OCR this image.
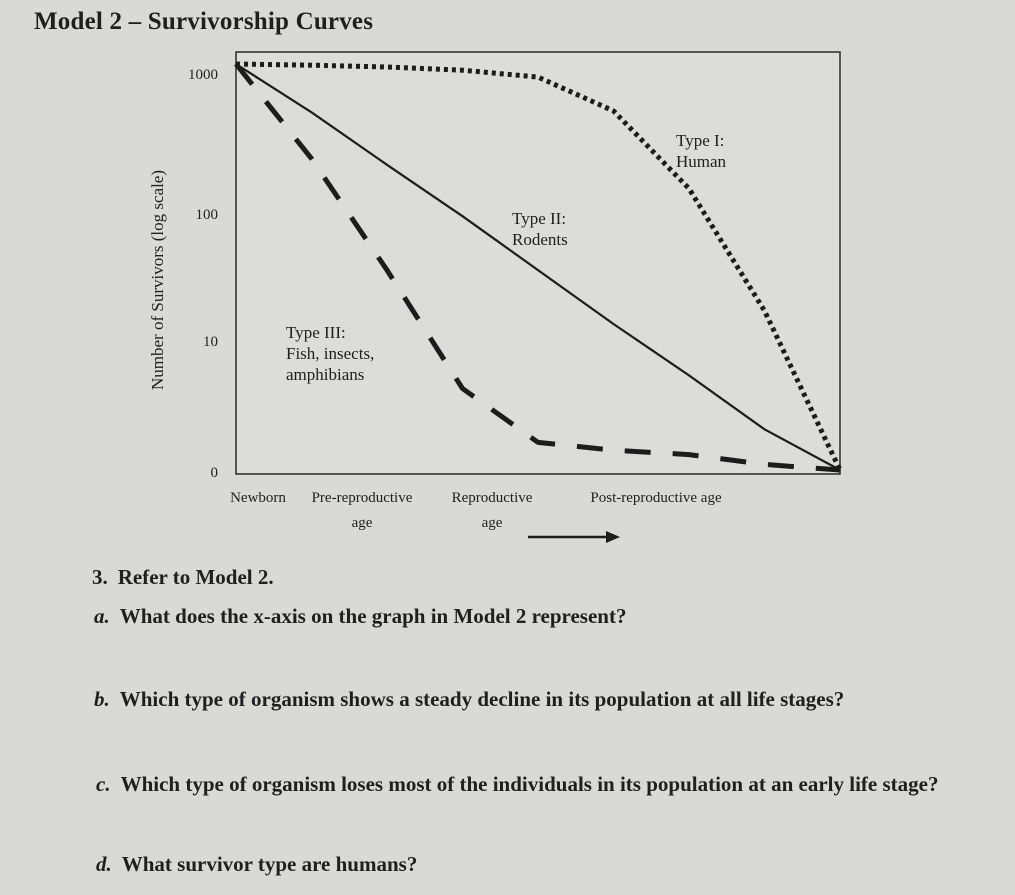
Model 2 – Survivorship Curves
1000
100
10
0
Number of Survivors (log scale)
Newborn Pre-reproductive
age
Reproductive
age
Post-reproductive age
Type I:
Human
Type II:
Rodents
Type III:
Fish, insects,
amphibians
3. Refer to Model 2.
a. What does the x-axis on the graph in Model 2 represent?
b. Which type of organism shows a steady decline in its population at all life stages?
c. Which type of organism loses most of the individuals in its population at an early life stage?
d. What survivor type are humans?
